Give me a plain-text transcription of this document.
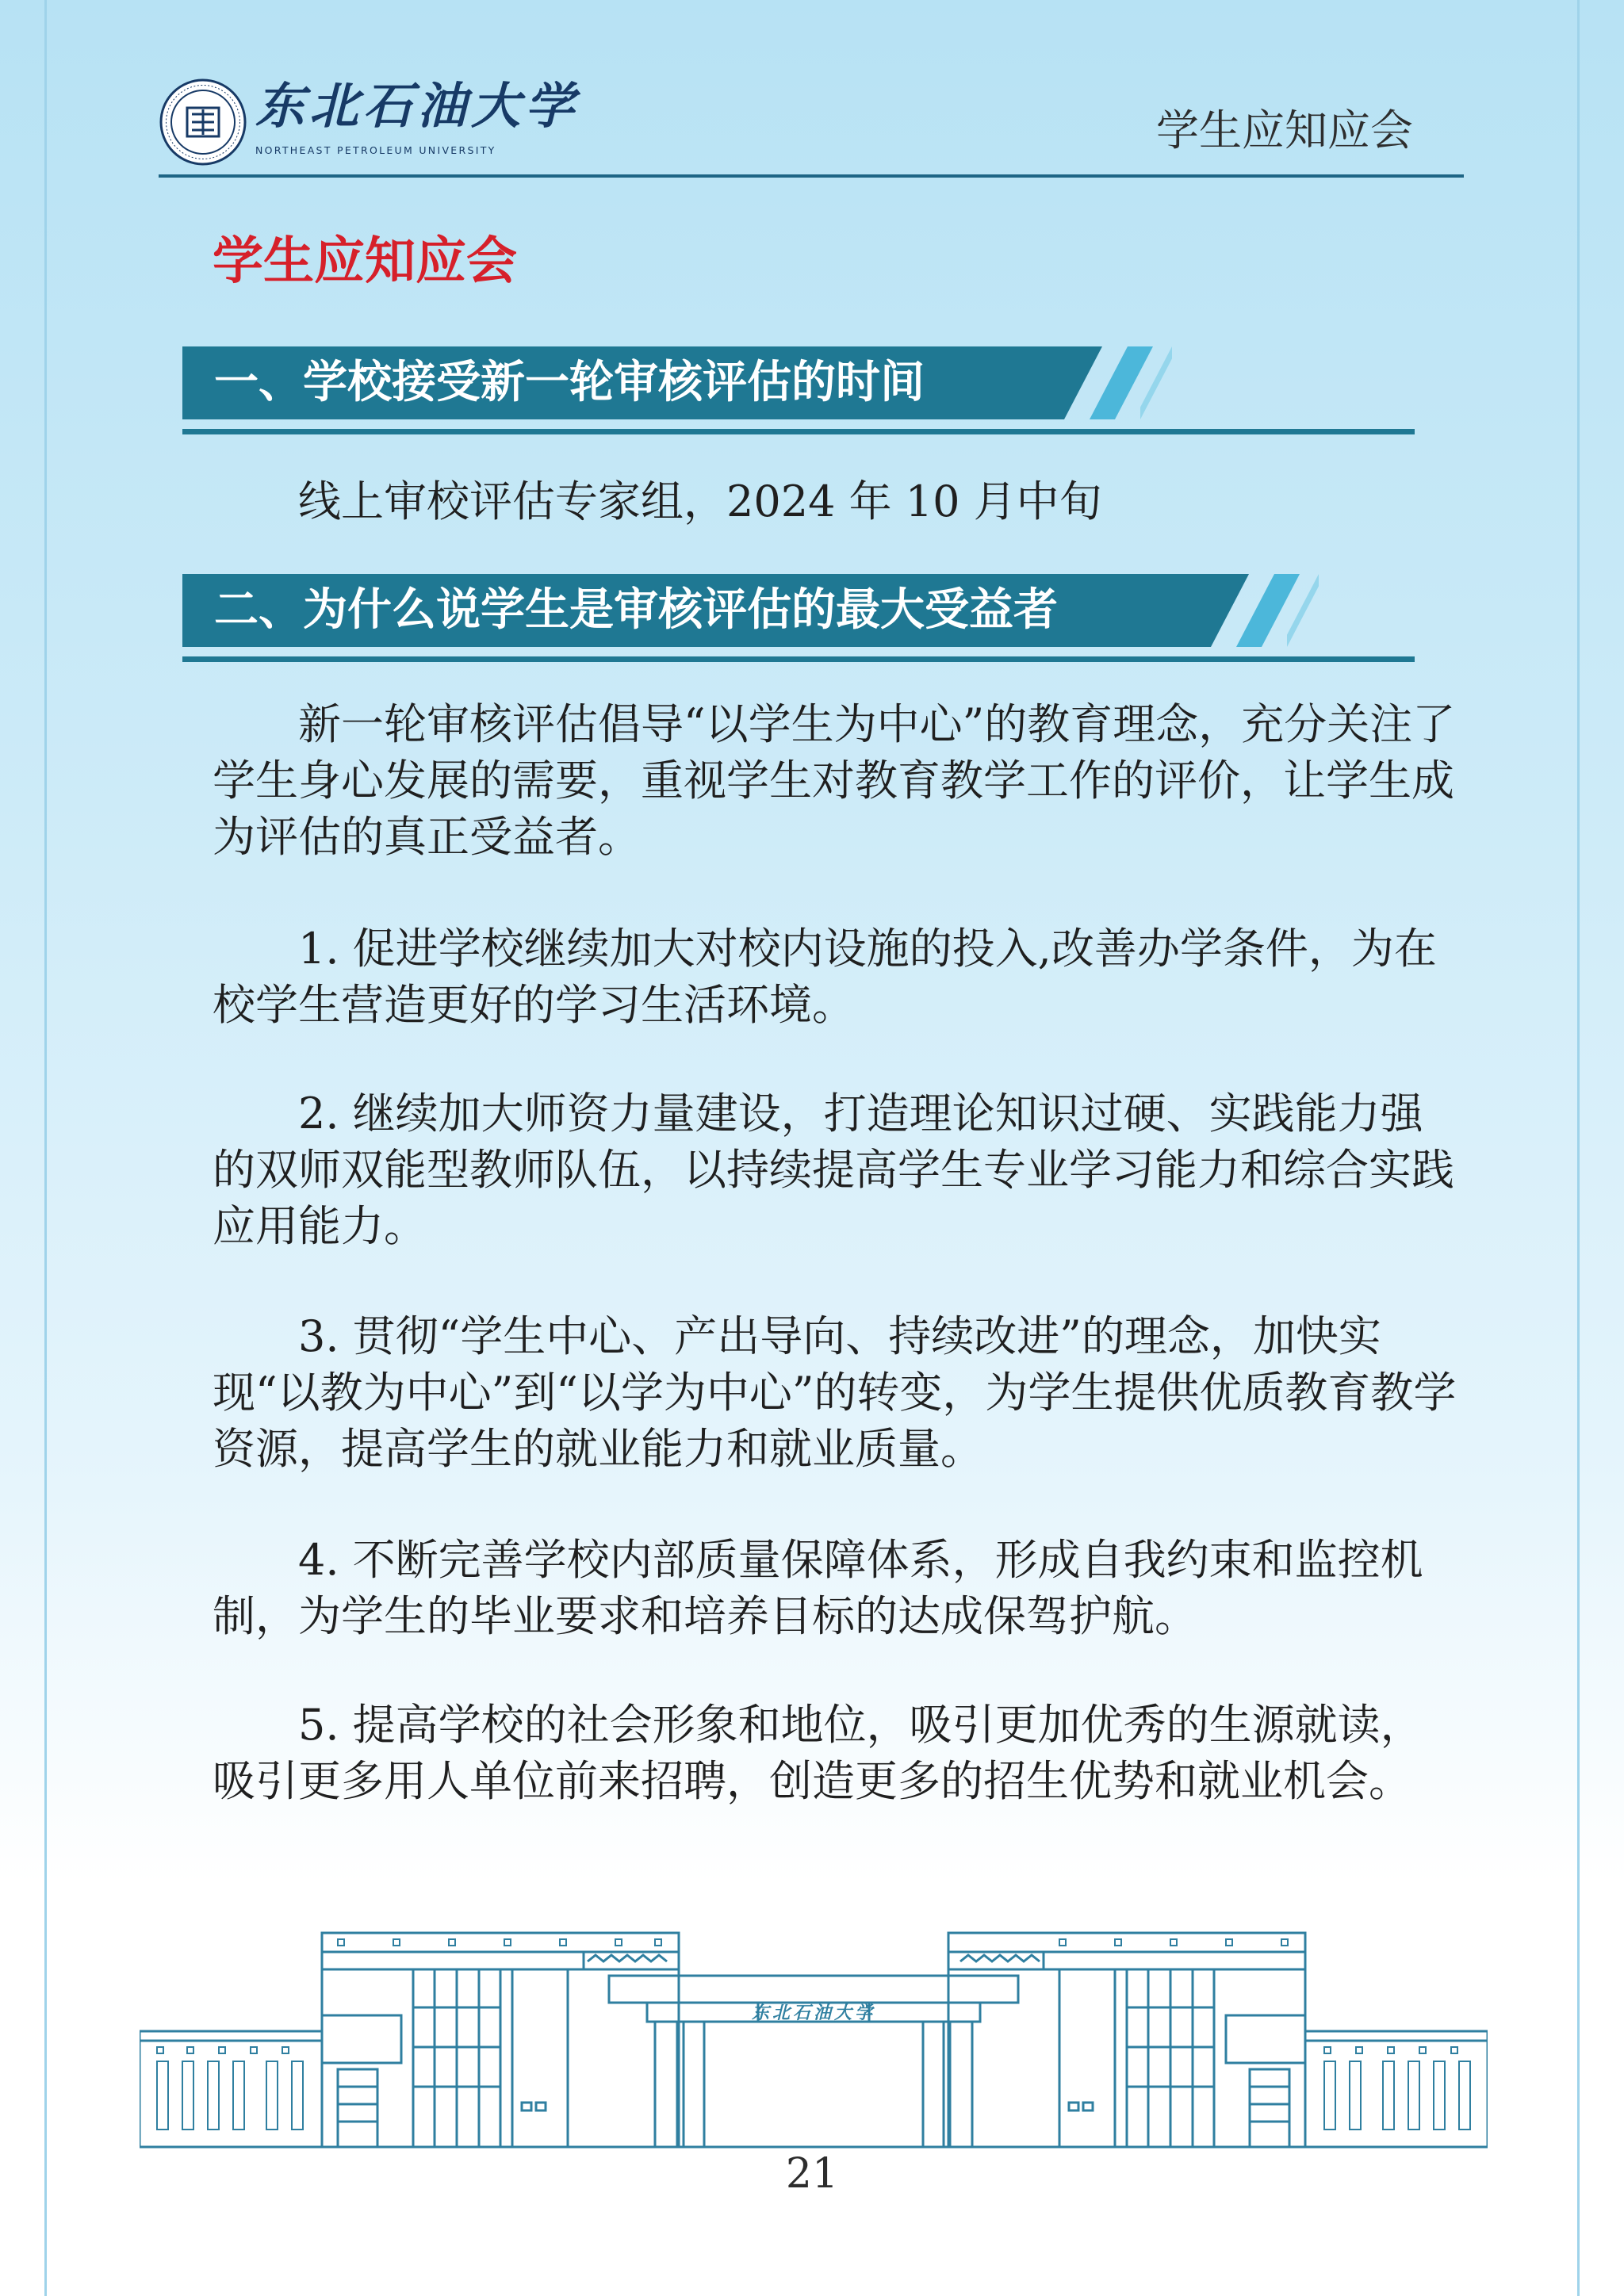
东北石油大学
NORTHEAST PETROLEUM UNIVERSITY	学生应知应会
学生应知应会
一、学校接受新一轮审核评估的时间

线上审校评估专家组，2024 年 10 月中旬

二、为什么说学生是审核评估的最大受益者

新一轮审核评估倡导“以学生为中心”的教育理念，充分关注了学生身心发展的需要，重视学生对教育教学工作的评价，让学生成为评估的真正受益者。

1. 促进学校继续加大对校内设施的投入,改善办学条件，为在校学生营造更好的学习生活环境。

2. 继续加大师资力量建设，打造理论知识过硬、实践能力强的双师双能型教师队伍，以持续提高学生专业学习能力和综合实践应用能力。

3. 贯彻“学生中心、产出导向、持续改进”的理念，加快实现“以教为中心”到“以学为中心”的转变，为学生提供优质教育教学资源，提高学生的就业能力和就业质量。

4. 不断完善学校内部质量保障体系，形成自我约束和监控机制，为学生的毕业要求和培养目标的达成保驾护航。

5. 提高学校的社会形象和地位，吸引更加优秀的生源就读，吸引更多用人单位前来招聘，创造更多的招生优势和就业机会。

东北石油大学
21
